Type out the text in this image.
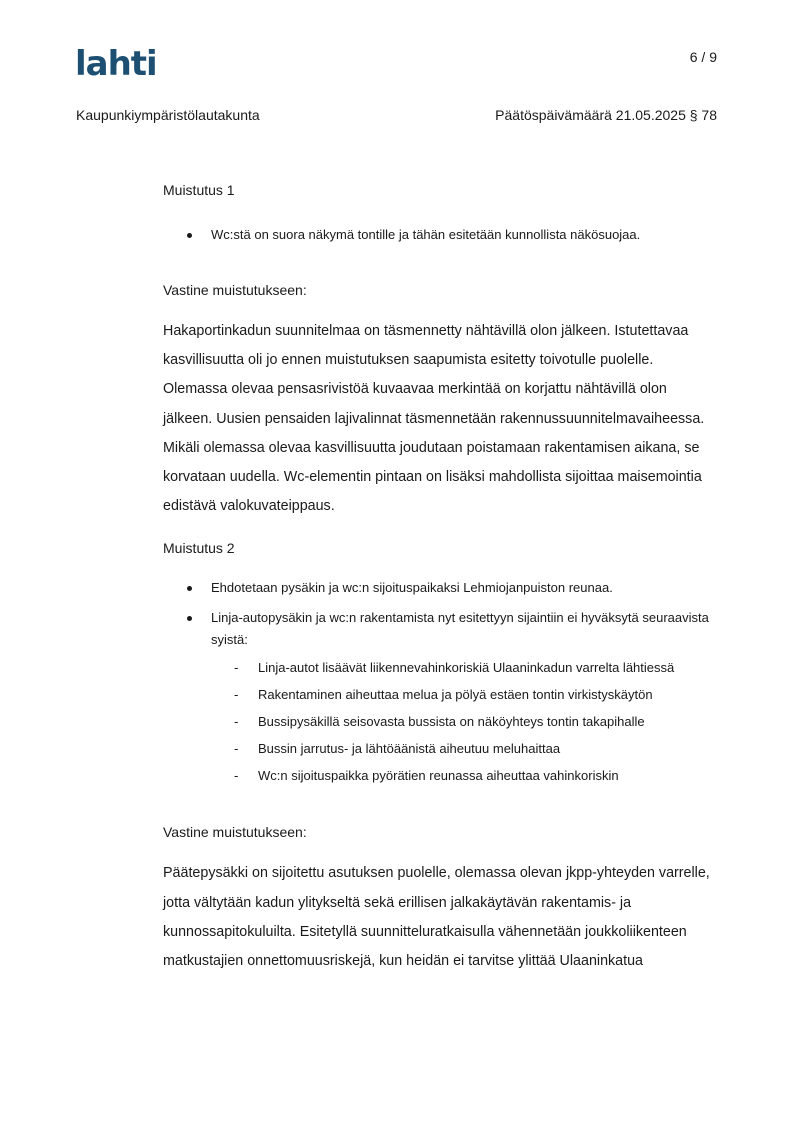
lahti	6 / 9
Kaupunkiympäristölautakunta	Päätöspäivämäärä 21.05.2025 § 78

Muistutus 1

Wc:stä on suora näkymä tontille ja tähän esitetään kunnollista näkösuojaa.

Vastine muistutukseen:

Hakaportinkadun suunnitelmaa on täsmennetty nähtävillä olon jälkeen. Istutettavaa kasvillisuutta oli jo ennen muistutuksen saapumista esitetty toivotulle puolelle. Olemassa olevaa pensasrivistöä kuvaavaa merkintää on korjattu nähtävillä olon jälkeen. Uusien pensaiden lajivalinnat täsmennetään rakennussuunnitelmavaiheessa. Mikäli olemassa olevaa kasvillisuutta joudutaan poistamaan rakentamisen aikana, se korvataan uudella. Wc-elementin pintaan on lisäksi mahdollista sijoittaa maisemointia edistävä valokuvateippaus.

Muistutus 2

Ehdotetaan pysäkin ja wc:n sijoituspaikaksi Lehmiojanpuiston reunaa.
Linja-autopysäkin ja wc:n rakentamista nyt esitettyyn sijaintiin ei hyväksytä seuraavista syistä:
- Linja-autot lisäävät liikennevahinkoriskiä Ulaaninkadun varrelta lähtiessä
- Rakentaminen aiheuttaa melua ja pölyä estäen tontin virkistyskäytön
- Bussipysäkillä seisovasta bussista on näköyhteys tontin takapihalle
- Bussin jarrutus- ja lähtöäänistä aiheutuu meluhaittaa
- Wc:n sijoituspaikka pyörätien reunassa aiheuttaa vahinkoriskin

Vastine muistutukseen:

Päätepysäkki on sijoitettu asutuksen puolelle, olemassa olevan jkpp-yhteyden varrelle, jotta vältytään kadun ylitykseltä sekä erillisen jalkakäytävän rakentamis- ja kunnossapitokuluilta. Esitetyllä suunnitteluratkaisulla vähennetään joukkoliikenteen matkustajien onnettomuusriskejä, kun heidän ei tarvitse ylittää Ulaaninkatua
